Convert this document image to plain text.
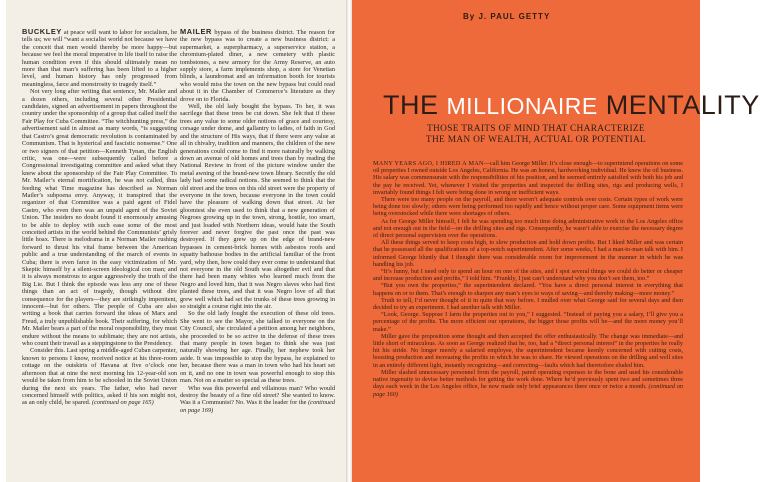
BUCKLEY at peace will want to labor for socialism, he tells us; we will “want a socialist world not because we have the conceit that men would thereby be more happy—but because we feel the moral imperative in life itself to raise the human condition even if this should ultimately mean no more than that man’s suffering has been lifted to a higher level, and human history has only progressed from meaningless, farce and monstrosity to tragedy itself.”

Not very long after writing that sentence, Mr. Mailer and a dozen others, including several other Presidential candidates, signed an advertisement in papers throughout the country under the sponsorship of a group that called itself the Fair Play for Cuba Committee. “The witchhunting press,” the advertisement said in almost as many words, “is suggesting that Castro’s great democratic revolution is contaminated by Communism. That is hysterical and fascistic nonsense.” One or two signers of that petition—Kenneth Tynan, the English critic, was one—were subsequently called before a Congressional investigating committee and asked what they knew about the sponsorship of the Fair Play Committee. To Mr. Mailer’s eternal mortification, he was not called, thus feeding what Time magazine has described as Norman Mailer’s subpoena envy. Anyway, it transpired that the organizer of that Committee was a paid agent of Fidel Castro, who even then was an unpaid agent of the Soviet Union. The insiders no doubt found it enormously amusing to be able to deploy with such ease some of the most conceited artists in the world behind the Communists’ grisly little hoax. There is melodrama in a Norman Mailer rushing forward to thrust his vital frame between the American public and a true understanding of the march of events in Cuba; there is even farce in the easy victimization of Mr. Skeptic himself by a silent-screen ideological con man; and it is always monstrous to argue aggressively the truth of the Big Lie. But I think the episode was less any one of these things than an act of tragedy, though without dire consequence for the players—they are strikingly impenitent, innocent—but for others. The people of Cuba are also writing a book that carries forward the ideas of Marx and Freud, a truly unpublishable book. Their suffering, for which Mr. Mailer bears a part of the moral responsibility, they must endure without the means to sublimate; they are not artists, who count their travail as a steppingstone to the Presidency.

Consider this. Last spring a middle-aged Cuban carpenter, known to persons I know, received notice at his three-room cottage on the outskirts of Havana at five o’clock one afternoon that at nine the next morning his 12-year-old son would be taken from him to be schooled in the Soviet Union during the next six years. The father, who had never concerned himself with politics, asked if his son might not, as an only child, be spared. (continued on page 165)

MAILER bypass of the business district. The reason for the new bypass was to create a new business district: a supermarket, a superpharmacy, a superservice station, a chromium-plated diner, a new cemetery with plastic tombstones, a new armory for the Army Reserve, an auto supply store, a farm implements shop, a store for Venetian blinds, a laundromat and an information booth for tourists who would miss the town on the new bypass but could read about it in the Chamber of Commerce’s literature as they drove on to Florida.

Well, the old lady bought the bypass. To her, it was sacrilege that these trees be cut down. She felt that if these trees any value to some older notions of grace and courtesy, corsage under dome, and gallantry to ladies, of faith in God and the structure of His ways, that if there were any value at all in chivalry, tradition and manners, the children of the new generations could come to find it more naturally by walking down an avenue of old homes and trees than by reading the National Review in front of the picture window under the metal awning of the brand-new town library. Secretly the old lady had some radical notions. She seemed to think that the old street and the trees on this old street were the property of everyone in the town, because everyone in the town could have the pleasure of walking down that street. At her gloomiest she even used to think that a new generation of Negroes growing up in the town, strong, hostile, too smart, and just loaded with Northern ideas, would hate the South forever and never forgive the past once the past was destroyed. If they grew up on the edge of brand-new bypasses in cement-brick homes with asbestos roofs and squatty bathouse bodies in the artificial familiar of the front yard, why then, how could they ever come to understand that not everyone in the old South was altogether evil and that there had been many whites who learned much from the Negro and loved him, that it was Negro slaves who had first planted these trees, and that it was Negro love of all that grew well which had set the trunks of these trees growing in so straight a course right into the air.

So the old lady fought the execution of these old trees. She went to see the Mayor, she talked to everyone on the City Council, she circulated a petition among her neighbors, she proceeded to be so active in the defense of these trees that many people in town began to think she was just naturally showing her age. Finally, her nephew took her aside. It was impossible to stop the bypass, he explained to her, because there was a man in town who had his heart set on it, and no one in town was powerful enough to stop this man. Not on a matter so special as these trees.

Who was this powerful and villainous man? Who would destroy the beauty of a fine old street? She wanted to know. Was it a Communist? No. Was it the leader for the (continued on page 169)

By J. PAUL GETTY
THE MILLIONAIRE MENTALITY
THOSE TRAITS OF MIND THAT CHARACTERIZE
THE MAN OF WEALTH, ACTUAL OR POTENTIAL

MANY YEARS AGO, I HIRED A MAN—call him George Miller. It’s close enough—to superintend operations on some oil properties I owned outside Los Angeles, California. He was an honest, hardworking individual. He knew the oil business. His salary was commensurate with the responsibilities of his position, and he seemed entirely satisfied with both his job and the pay he received. Yet, whenever I visited the properties and inspected the drilling sites, rigs and producing wells, I invariably found things I felt were being done in wrong or inefficient ways.

There were too many people on the payroll, and there weren’t adequate controls over costs. Certain types of work were being done too slowly; others were being performed too rapidly and hence without proper care. Some equipment items were being overstocked while there were shortages of others.

As for George Miller himself, I felt he was spending too much time doing administrative work in the Los Angeles office and not enough out in the field—on the drilling sites and rigs. Consequently, he wasn’t able to exercise the necessary degree of direct personal supervision over the operations.

All these things served to keep costs high, to slow production and hold down profits. But I liked Miller and was certain that he possessed all the qualifications of a top-notch superintendent. After some weeks, I had a man-to-man talk with him. I informed George bluntly that I thought there was considerable room for improvement in the manner in which he was handling his job.

“It’s funny, but I need only to spend an hour on one of the sites, and I spot several things we could do better or cheaper and increase production and profits,” I told him. “Frankly, I just can’t understand why you don’t see them, too.”

“But you own the properties,” the superintendent declared. “You have a direct personal interest in everything that happens on or to them. That’s enough to sharpen any man’s eyes to ways of saving—and thereby making—more money.”

Truth to tell, I’d never thought of it in quite that way before. I mulled over what George said for several days and then decided to try an experiment. I had another talk with Miller.

“Look, George. Suppose I farm the properties out to you,” I suggested. “Instead of paying you a salary, I’ll give you a percentage of the profits. The more efficient our operations, the bigger those profits will be—and the more money you’ll make.”

Miller gave the proposition some thought and then accepted the offer enthusiastically. The change was immediate—and little short of miraculous. As soon as George realized that he, too, had a “direct personal interest” in the properties he really hit his stride. No longer merely a salaried employee, the superintendent became keenly concerned with cutting costs, boosting production and increasing the profits in which he was to share. He viewed operations on the drilling and well sites in an entirely different light, instantly recognizing—and correcting—faults which had theretofore eluded him.

Miller slashed unnecessary personnel from the payroll, pared operating expenses to the bone and used his considerable native ingenuity to devise better methods for getting the work done. Where he’d previously spent two and sometimes three days each week in the Los Angeles office, he now made only brief appearances there once or twice a month. (continued on page 160)
